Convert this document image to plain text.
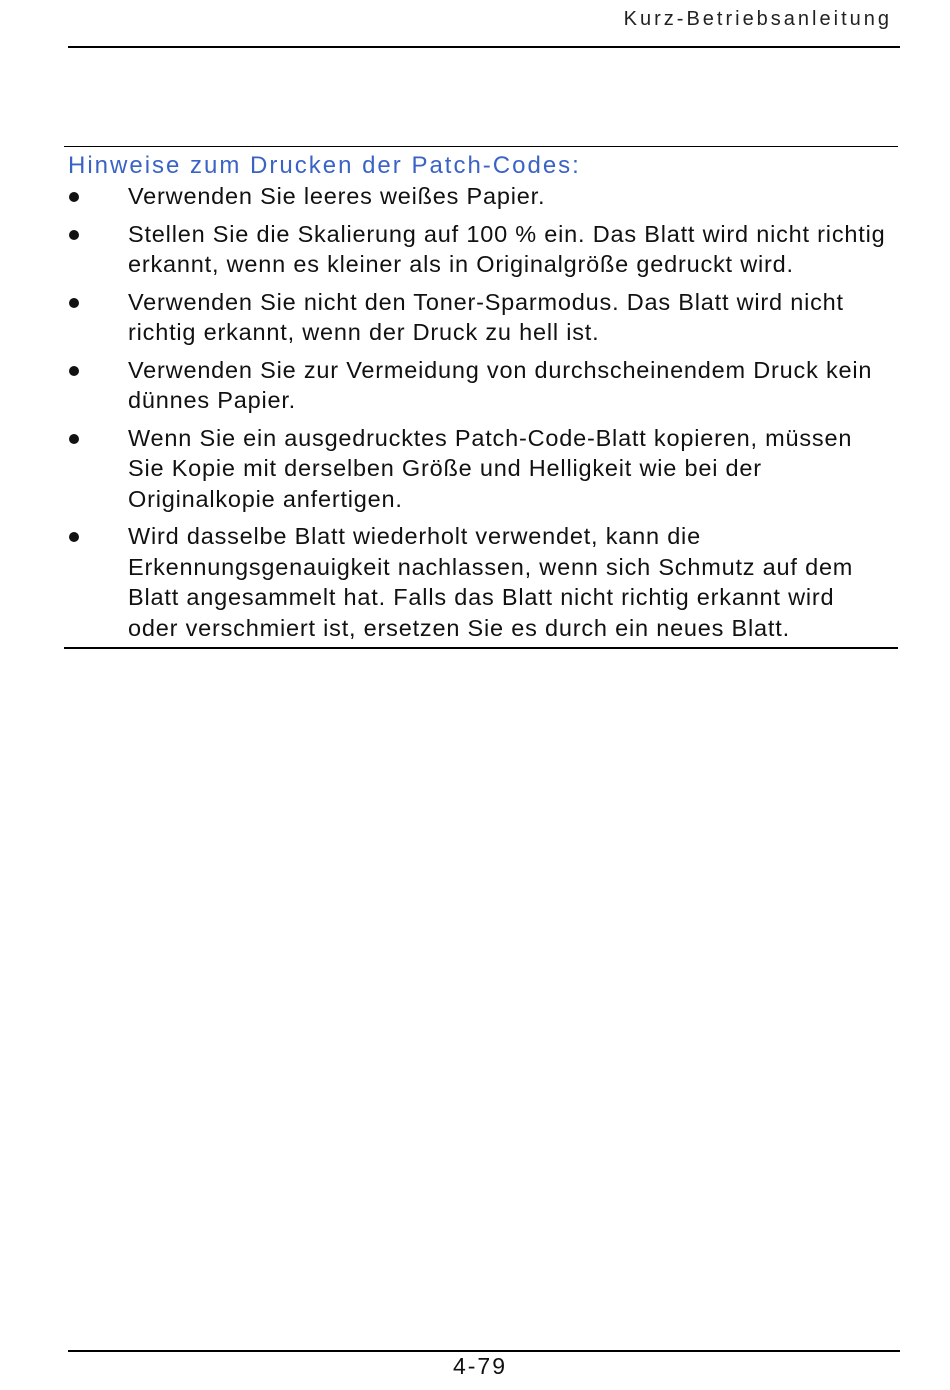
Kurz-Betriebsanleitung
Hinweise zum Drucken der Patch-Codes:
Verwenden Sie leeres weißes Papier.
Stellen Sie die Skalierung auf 100 % ein. Das Blatt wird nicht richtig erkannt, wenn es kleiner als in Originalgröße gedruckt wird.
Verwenden Sie nicht den Toner-Sparmodus. Das Blatt wird nicht richtig erkannt, wenn der Druck zu hell ist.
Verwenden Sie zur Vermeidung von durchscheinendem Druck kein dünnes Papier.
Wenn Sie ein ausgedrucktes Patch-Code-Blatt kopieren, müssen Sie Kopie mit derselben Größe und Helligkeit wie bei der Originalkopie anfertigen.
Wird dasselbe Blatt wiederholt verwendet, kann die Erkennungsgenauigkeit nachlassen, wenn sich Schmutz auf dem Blatt angesammelt hat. Falls das Blatt nicht richtig erkannt wird oder verschmiert ist, ersetzen Sie es durch ein neues Blatt.
4-79
